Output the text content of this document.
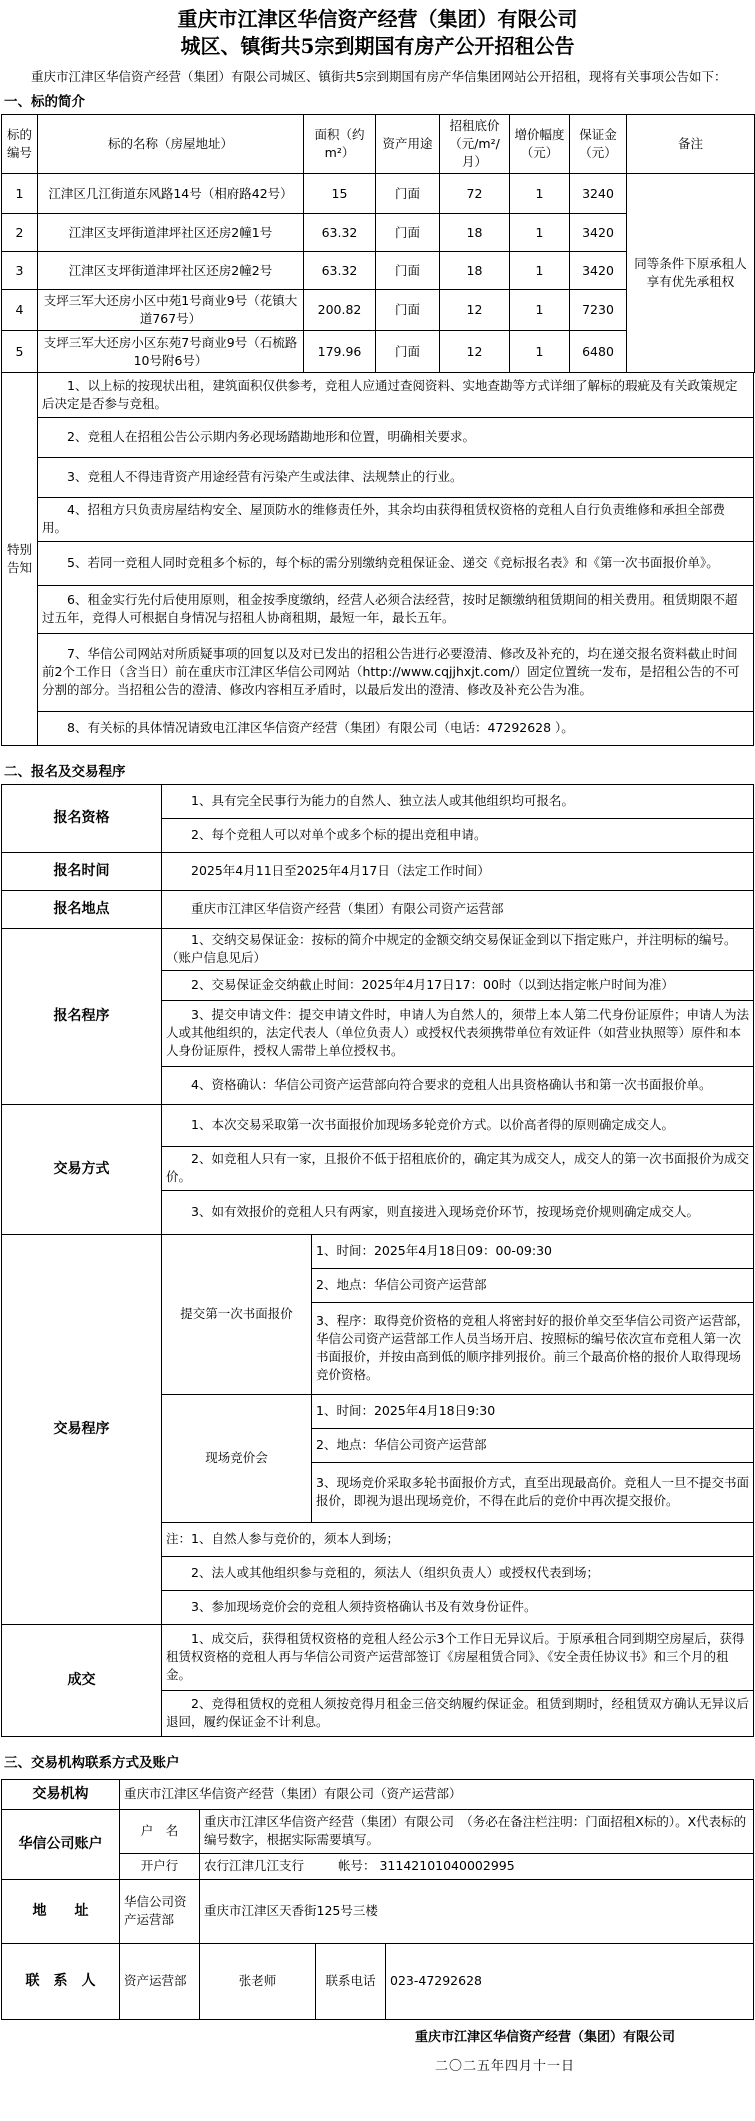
重庆市江津区华信资产经营（集团）有限公司
城区、镇街共5宗到期国有房产公开招租公告
重庆市江津区华信资产经营（集团）有限公司城区、镇街共5宗到期国有房产华信集团网站公开招租，现将有关事项公告如下：
一、标的简介
标的编号	标的名称（房屋地址）	面积（约m²）	资产用途	招租底价（元/m²/月）	增价幅度（元）	保证金（元）	备注
1	江津区几江街道东风路14号（相府路42号）	15	门面	72	1	3240	同等条件下原承租人享有优先承租权
2	江津区支坪街道津坪社区还房2幢1号	63.32	门面	18	1	3420	
3	江津区支坪街道津坪社区还房2幢2号	63.32	门面	18	1	3420	
4	支坪三军大还房小区中苑1号商业9号（花镇大道767号）	200.82	门面	12	1	7230	
5	支坪三军大还房小区东苑7号商业9号（石梳路10号附6号）	179.96	门面	12	1	6480	
特别告知	1、以上标的按现状出租，建筑面积仅供参考，竞租人应通过查阅资料、实地查勘等方式详细了解标的瑕疵及有关政策规定后决定是否参与竞租。
2、竞租人在招租公告公示期内务必现场踏勘地形和位置，明确相关要求。
3、竞租人不得违背资产用途经营有污染产生或法律、法规禁止的行业。
4、招租方只负责房屋结构安全、屋顶防水的维修责任外，其余均由获得租赁权资格的竞租人自行负责维修和承担全部费用。
5、若同一竞租人同时竞租多个标的，每个标的需分别缴纳竞租保证金、递交《竞标报名表》和《第一次书面报价单》。
6、租金实行先付后使用原则，租金按季度缴纳，经营人必须合法经营，按时足额缴纳租赁期间的相关费用。租赁期限不超过五年，竞得人可根据自身情况与招租人协商租期，最短一年，最长五年。
7、华信公司网站对所质疑事项的回复以及对已发出的招租公告进行必要澄清、修改及补充的，均在递交报名资料截止时间前2个工作日（含当日）前在重庆市江津区华信公司网站（http://www.cqjjhxjt.com/）固定位置统一发布，是招租公告的不可分割的部分。当招租公告的澄清、修改内容相互矛盾时，以最后发出的澄清、修改及补充公告为准。
8、有关标的具体情况请致电江津区华信资产经营（集团）有限公司（电话：47292628 ）。
二、报名及交易程序
报名资格	1、具有完全民事行为能力的自然人、独立法人或其他组织均可报名。	
	2、每个竞租人可以对单个或多个标的提出竞租申请。	
报名时间	2025年4月11日至2025年4月17日（法定工作时间）	
报名地点	重庆市江津区华信资产经营（集团）有限公司资产运营部	
报名程序	1、交纳交易保证金：按标的简介中规定的金额交纳交易保证金到以下指定账户，并注明标的编号。（账户信息见后）	
	2、交易保证金交纳截止时间：2025年4月17日17：00时（以到达指定帐户时间为准）	
	3、提交申请文件：提交申请文件时，申请人为自然人的，须带上本人第二代身份证原件；申请人为法人或其他组织的，法定代表人（单位负责人）或授权代表须携带单位有效证件（如营业执照等）原件和本人身份证原件，授权人需带上单位授权书。	
	4、资格确认：华信公司资产运营部向符合要求的竞租人出具资格确认书和第一次书面报价单。	
交易方式	1、本次交易采取第一次书面报价加现场多轮竞价方式。以价高者得的原则确定成交人。	
	2、如竞租人只有一家，且报价不低于招租底价的，确定其为成交人，成交人的第一次书面报价为成交价。	
	3、如有效报价的竞租人只有两家，则直接进入现场竞价环节，按现场竞价规则确定成交人。	
交易程序	提交第一次书面报价	1、时间：2025年4月18日09：00-09:30
		2、地点：华信公司资产运营部
		3、程序：取得竞价资格的竞租人将密封好的报价单交至华信公司资产运营部，华信公司资产运营部工作人员当场开启、按照标的编号依次宣布竞租人第一次书面报价，并按由高到低的顺序排列报价。前三个最高价格的报价人取得现场竞价资格。
	现场竞价会	1、时间：2025年4月18日9:30
		2、地点：华信公司资产运营部
		3、现场竞价采取多轮书面报价方式，直至出现最高价。竞租人一旦不提交书面报价，即视为退出现场竞价，不得在此后的竞价中再次提交报价。
	注：1、自然人参与竞价的，须本人到场；	
	2、法人或其他组织参与竞租的，须法人（组织负责人）或授权代表到场；	
	3、参加现场竞价会的竞租人须持资格确认书及有效身份证件。	
成交	1、成交后，获得租赁权资格的竞租人经公示3个工作日无异议后。于原承租合同到期空房屋后，获得租赁权资格的竞租人再与华信公司资产运营部签订《房屋租赁合同》、《安全责任协议书》和三个月的租金。	
	2、竞得租赁权的竞租人须按竞得月租金三倍交纳履约保证金。租赁到期时，经租赁双方确认无异议后退回，履约保证金不计利息。	
三、交易机构联系方式及账户
交易机构	重庆市江津区华信资产经营（集团）有限公司（资产运营部）			
华信公司账户	户　名	重庆市江津区华信资产经营（集团）有限公司　（务必在备注栏注明：门面招租X标的）。X代表标的编号数字，根据实际需要填写。		
	开户行	农行江津几江支行 帐号： 31142101040002995		
地　　址	华信公司资产运营部	重庆市江津区天香街125号三楼		
联　系　人	资产运营部	张老师	联系电话	023-47292628
重庆市江津区华信资产经营（集团）有限公司
二〇二五年四月十一日
